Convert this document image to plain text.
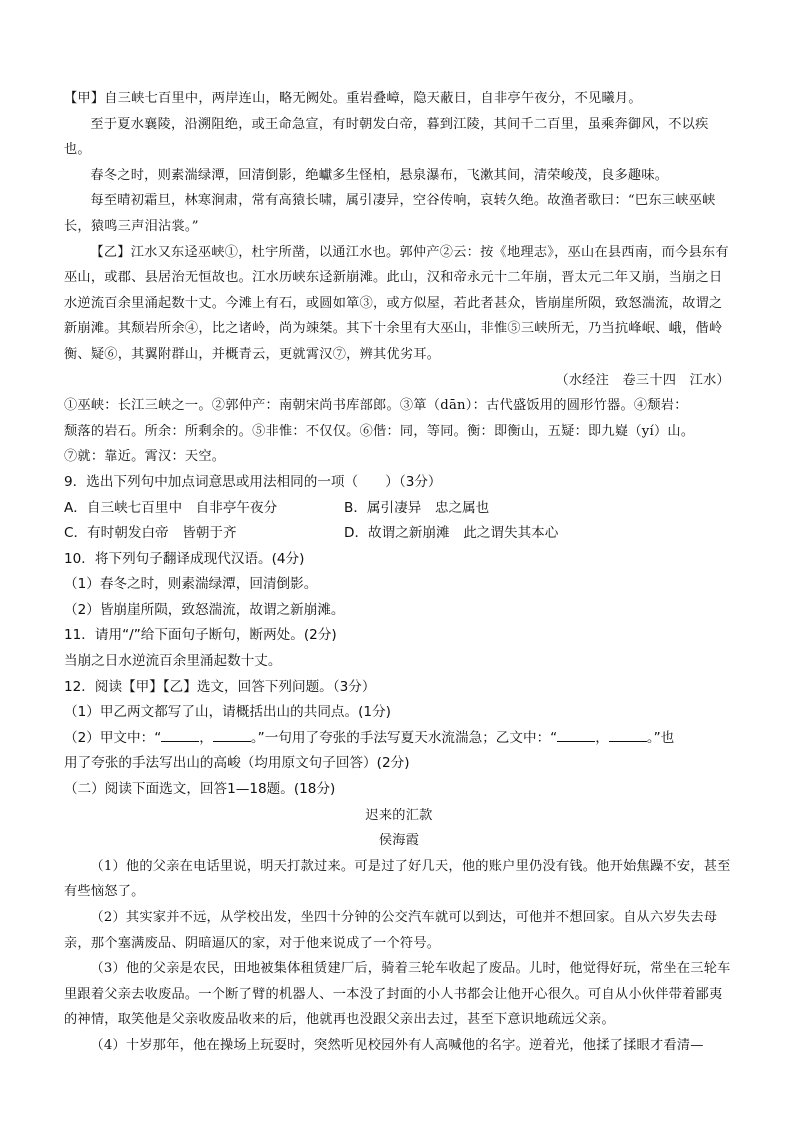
【甲】自三峡七百里中，两岸连山，略无阙处。重岩叠嶂，隐天蔽日，自非亭午夜分，不见曦月。

至于夏水襄陵，沿溯阻绝，或王命急宣，有时朝发白帝，暮到江陵，其间千二百里，虽乘奔御风，不以疾也。

春冬之时，则素湍绿潭，回清倒影，绝巘多生怪柏，悬泉瀑布，飞漱其间，清荣峻茂，良多趣味。

每至晴初霜旦，林寒涧肃，常有高猿长啸，属引凄异，空谷传响，哀转久绝。故渔者歌曰：“巴东三峡巫峡长，猿鸣三声泪沾裳。”

【乙】江水又东迳巫峡①，杜宇所凿，以通江水也。郭仲产②云：按《地理志》，巫山在县西南，而今县东有巫山，或郡、县居治无恒故也。江水历峡东迳新崩滩。此山，汉和帝永元十二年崩，晋太元二年又崩，当崩之日水逆流百余里涌起数十丈。今滩上有石，或圆如箪③，或方似屋，若此者甚众，皆崩崖所陨，致怒湍流，故谓之新崩滩。其颓岩所余④，比之诸岭，尚为竦桀。其下十余里有大巫山，非惟⑤三峡所无，乃当抗峰岷、峨，偕岭衡、疑⑥，其翼附群山，并概青云，更就霄汉⑦，辨其优劣耳。

（水经注　卷三十四　江水）

①巫峡：长江三峡之一。②郭仲产：南朝宋尚书库部郎。③箪（dān）：古代盛饭用的圆形竹器。④颓岩：

颓落的岩石。所余：所剩余的。⑤非惟：不仅仅。⑥偕：同，等同。衡：即衡山，五疑：即九嶷（yí）山。

⑦就：靠近。霄汉：天空。

9．选出下列句中加点词意思或用法相同的一项（　　）（3分）

A．自三峡七百里中　自非亭午夜分	B．属引凄异　忠之属也
C．有时朝发白帝　皆朝于齐	D．故谓之新崩滩　此之谓失其本心

10．将下列句子翻译成现代汉语。(4分)

（1）春冬之时，则素湍绿潭，回清倒影。

（2）皆崩崖所陨，致怒湍流，故谓之新崩滩。

11．请用“/”给下面句子断句，断两处。(2分)

当崩之日水逆流百余里涌起数十丈。

12．阅读【甲】【乙】选文，回答下列问题。（3分）

（1）甲乙两文都写了山，请概括出山的共同点。(1分)

（2）甲文中：“	，	。”一句用了夸张的手法写夏天水流湍急；乙文中：“	，	。”也

用了夸张的手法写出山的高峻（均用原文句子回答）(2分)

（二）阅读下面选文，回答1—18题。(18分)

迟来的汇款

侯海霞

（1）他的父亲在电话里说，明天打款过来。可是过了好几天，他的账户里仍没有钱。他开始焦躁不安，甚至有些恼怒了。

（2）其实家并不远，从学校出发，坐四十分钟的公交汽车就可以到达，可他并不想回家。自从六岁失去母亲，那个塞满废品、阴暗逼仄的家，对于他来说成了一个符号。

（3）他的父亲是农民，田地被集体租赁建厂后，骑着三轮车收起了废品。儿时，他觉得好玩，常坐在三轮车里跟着父亲去收废品。一个断了臂的机器人、一本没了封面的小人书都会让他开心很久。可自从小伙伴带着鄙夷的神情，取笑他是父亲收废品收来的后，他就再也没跟父亲出去过，甚至下意识地疏远父亲。

（4）十岁那年，他在操场上玩耍时，突然听见校园外有人高喊他的名字。逆着光，他揉了揉眼才看清—
